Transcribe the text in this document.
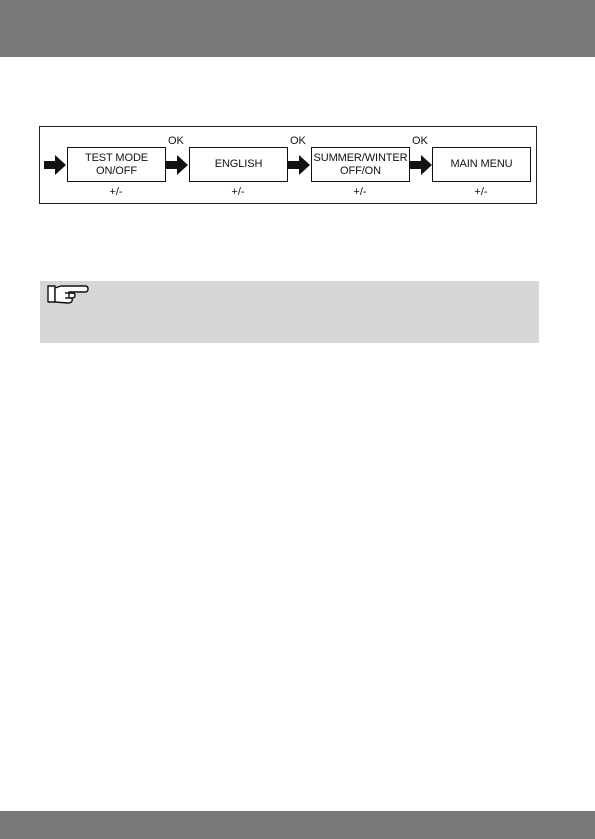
OK	OK	OK
TEST MODE
ON/OFF
ENGLISH
SUMMER/WINTER
OFF/ON
MAIN MENU
+/-	+/-	+/-	+/-
